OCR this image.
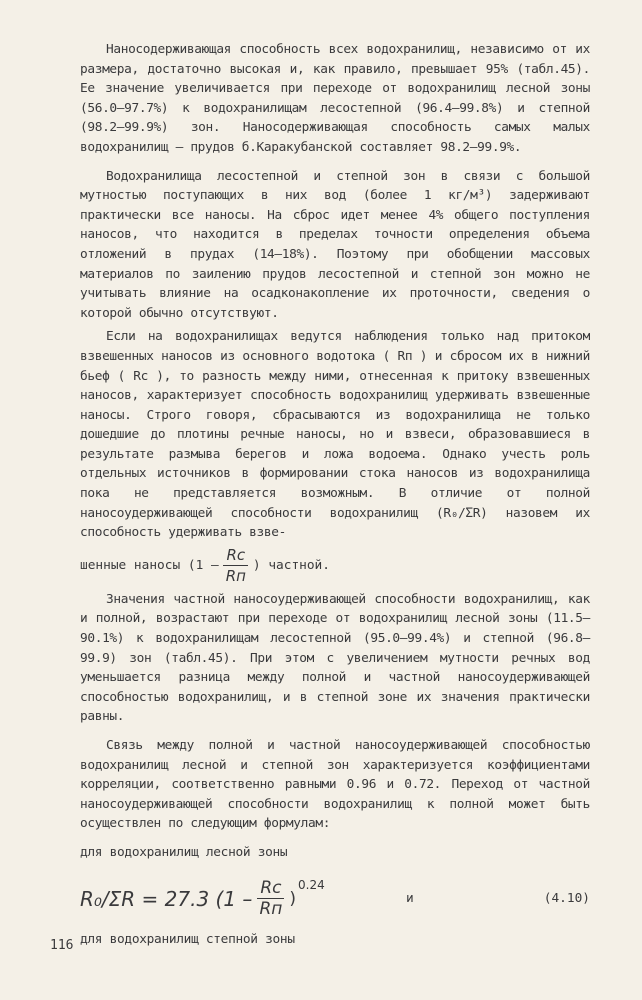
Наносодерживающая способность всех водохранилищ, независимо от их размера, достаточно высокая и, как правило, превышает 95% (табл.45). Ее значение увеличивается при переходе от водохранилищ лесной зоны (56.0–97.7%) к водохранилищам лесостепной (96.4–99.8%) и степной (98.2–99.9%) зон. Наносодерживающая способность самых малых водохранилищ – прудов б.Каракубанской составляет 98.2–99.9%.

Водохранилища лесостепной и степной зон в связи с большой мутностью поступающих в них вод (более 1 кг/м³) задерживают практически все наносы. На сброс идет менее 4% общего поступления наносов, что находится в пределах точности определения объема отложений в прудах (14–18%). Поэтому при обобщении массовых материалов по заилению прудов лесостепной и степной зон можно не учитывать влияние на осадконакопление их проточности, сведения о которой обычно отсутствуют.

Если на водохранилищах ведутся наблюдения только над притоком взвешенных наносов из основного водотока ( Rп ) и сбросом их в нижний бьеф ( Rс ), то разность между ними, отнесенная к притоку взвешенных наносов, характеризует способность водохранилищ удерживать взвешенные наносы. Строго говоря, сбрасываются из водохранилища не только дошедшие до плотины речные наносы, но и взвеси, образовавшиеся в результате размыва берегов и ложа водоема. Однако учесть роль отдельных источников в формировании стока наносов из водохранилища пока не представляется возможным. В отличие от полной наносоудерживающей способности водохранилищ (R₀/ΣR) назовем их способность удерживать взве-

шенные наносы ($1 - \frac{Rс}{Rп}$ ) частной.

Значения частной наносоудерживающей способности водохранилищ, как и полной, возрастают при переходе от водохранилищ лесной зоны (11.5–90.1%) к водохранилищам лесостепной (95.0–99.4%) и степной (96.8–99.9) зон (табл.45). При этом с увеличением мутности речных вод уменьшается разница между полной и частной наносоудерживающей способностью водохранилищ, и в степной зоне их значения практически равны.

Связь между полной и частной наносоудерживающей способностью водохранилищ лесной и степной зон характеризуется коэффициентами корреляции, соответственно равными 0.96 и 0.72. Переход от частной наносоудерживающей способности водохранилищ к полной может быть осуществлен по следующим формулам:

для водохранилищ лесной зоны
R₀/ΣR = 27.3 ($1 - \frac{Rс}{Rп}$ )
0.24
и	(4.10)
для водохранилищ степной зоны
116
